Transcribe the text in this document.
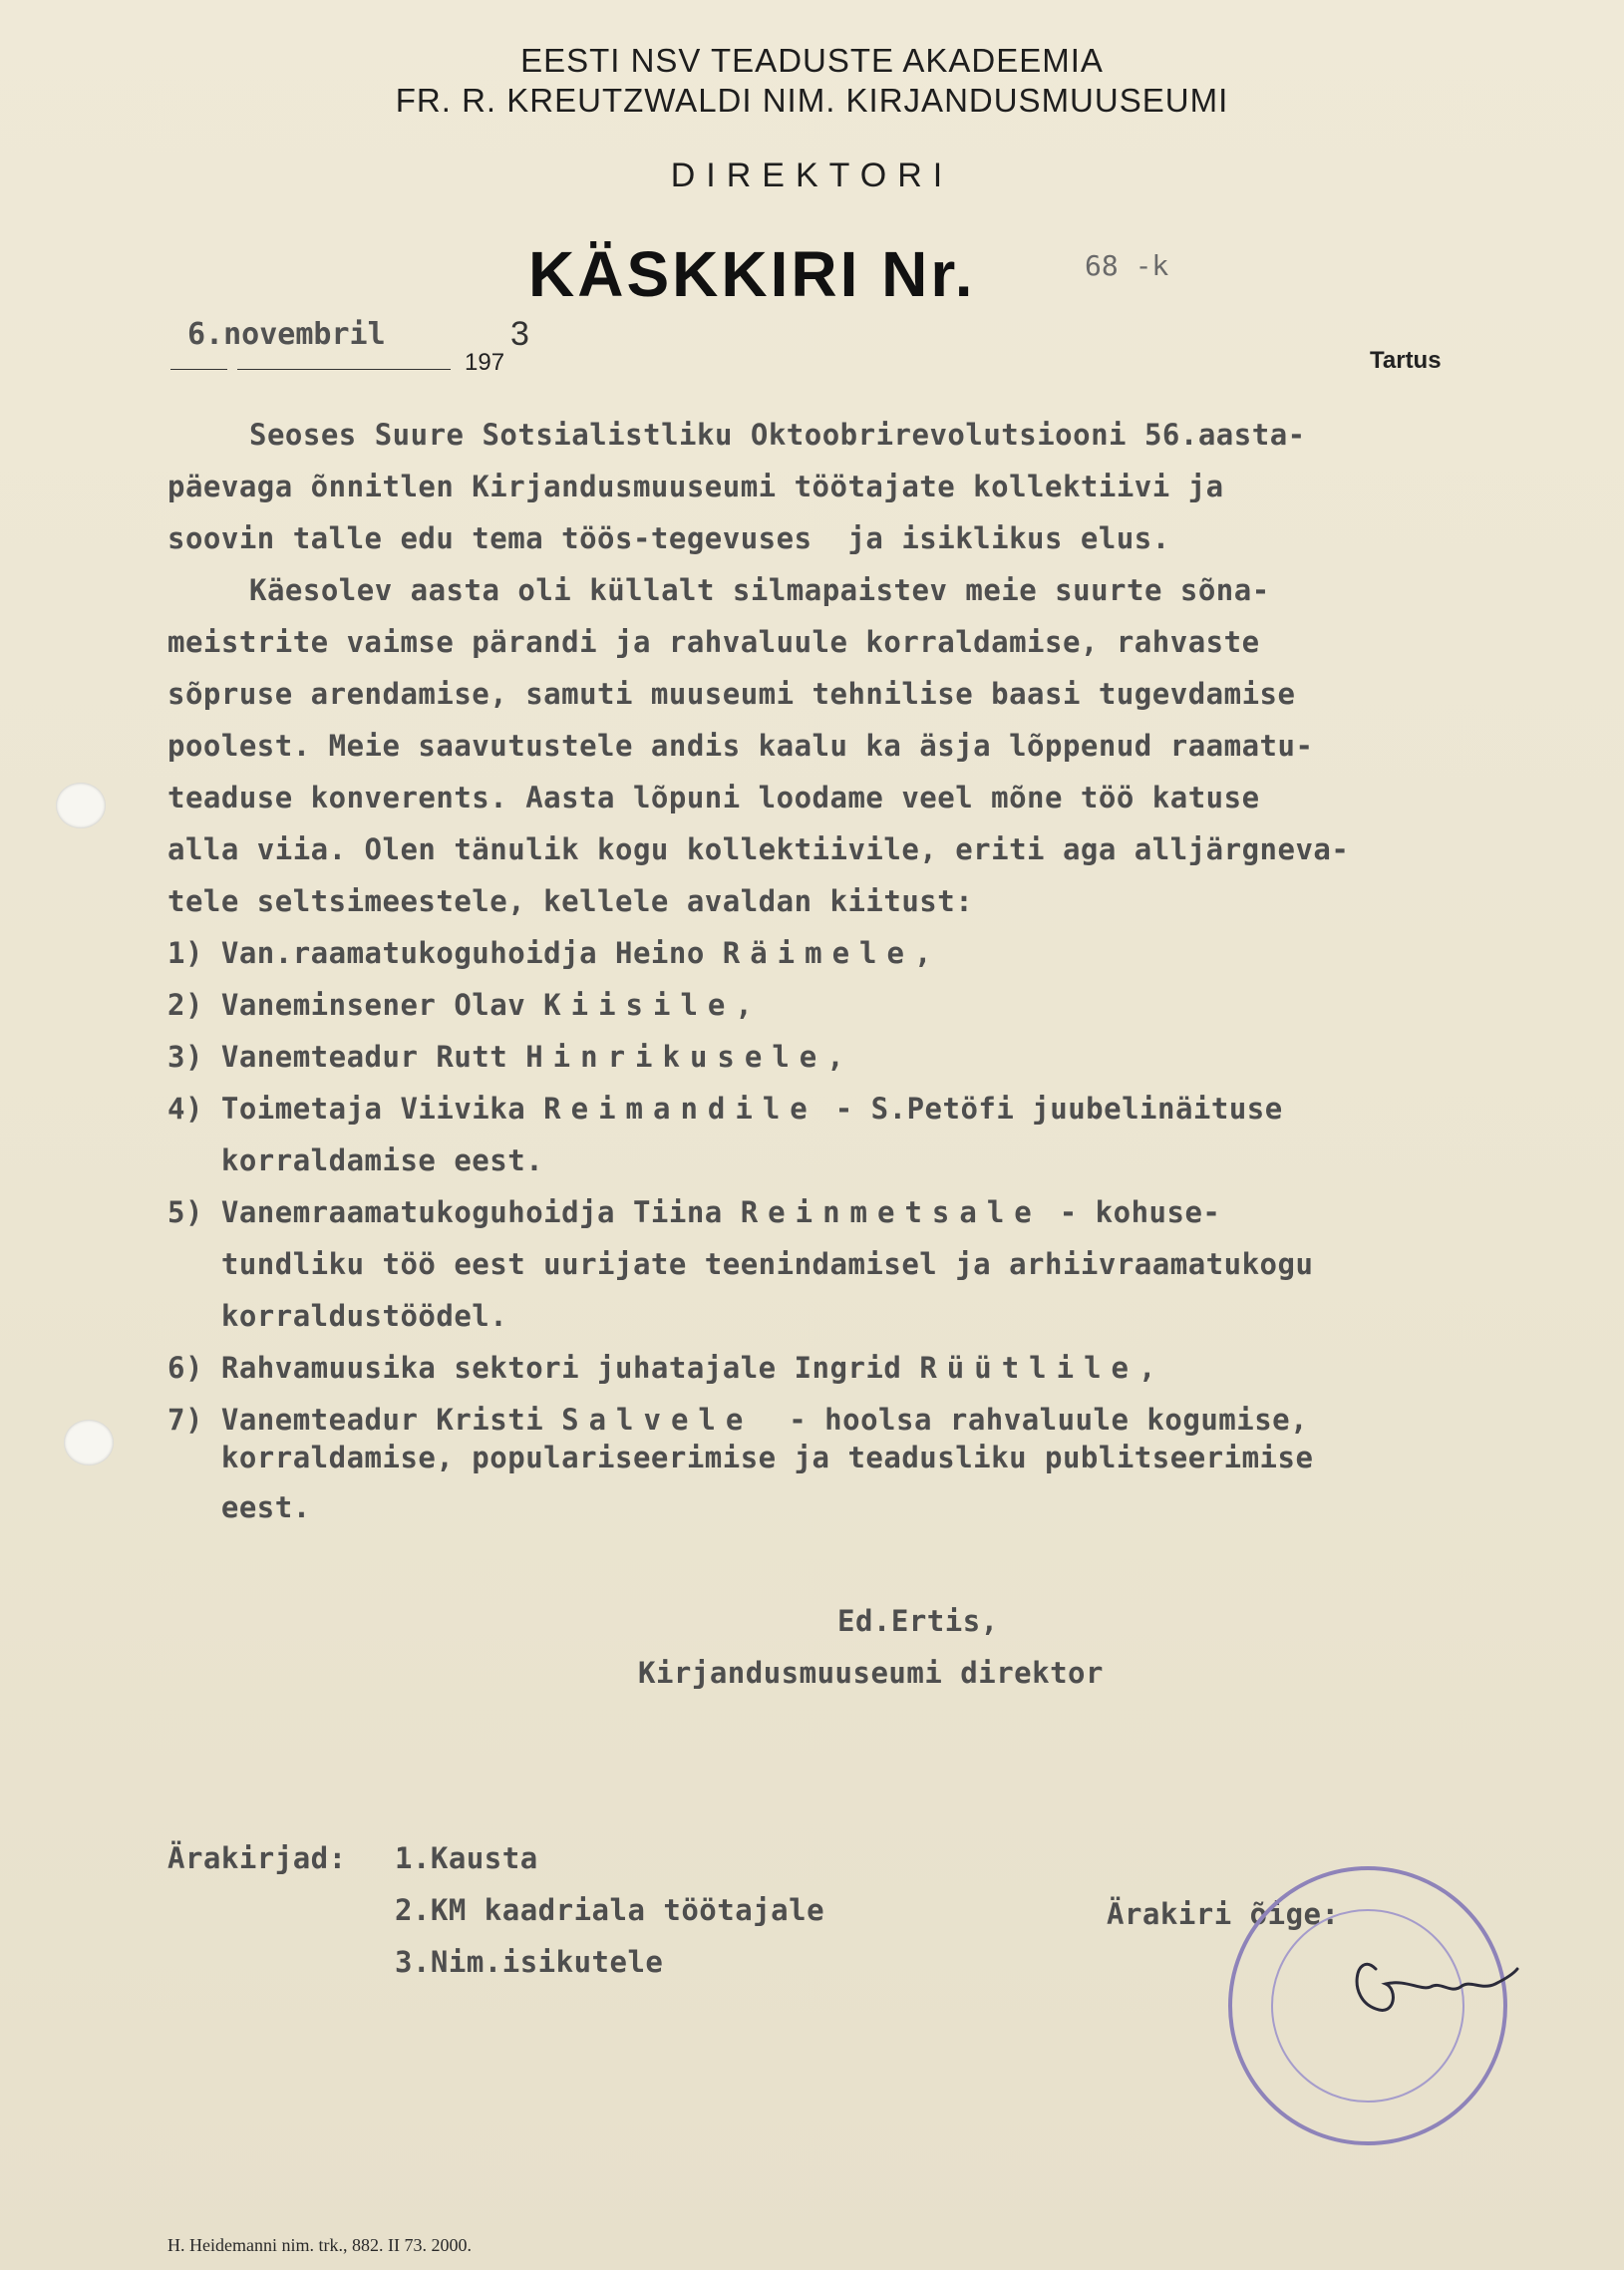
EESTI NSV TEADUSTE AKADEEMIA
FR. R. KREUTZWALDI NIM. KIRJANDUSMUUSEUMI
DIREKTORI
KÄSKKIRI Nr.	68 -k
6.novembril
197
3
Tartus
Seoses Suure Sotsialistliku Oktoobrirevolutsiooni 56.aasta-
päevaga õnnitlen Kirjandusmuuseumi töötajate kollektiivi ja
soovin talle edu tema töös-tegevuses  ja isiklikus elus.
Käesolev aasta oli küllalt silmapaistev meie suurte sõna-
meistrite vaimse pärandi ja rahvaluule korraldamise, rahvaste
sõpruse arendamise, samuti muuseumi tehnilise baasi tugevdamise
poolest. Meie saavutustele andis kaalu ka äsja lõppenud raamatu-
teaduse konverents. Aasta lõpuni loodame veel mõne töö katuse
alla viia. Olen tänulik kogu kollektiivile, eriti aga alljärgneva-
tele seltsimeestele, kellele avaldan kiitust:
1) Van.raamatukoguhoidja Heino Räimele,
2) Vaneminsener Olav Kiisile,
3) Vanemteadur Rutt Hinrikusele,
4) Toimetaja Viivika Reimandile - S.Petöfi juubelinäituse
korraldamise eest.
5) Vanemraamatukoguhoidja Tiina Reinmetsale - kohuse-
tundliku töö eest uurijate teenindamisel ja arhiivraamatukogu
korraldustöödel.
6) Rahvamuusika sektori juhatajale Ingrid Rüütlile,
7) Vanemteadur Kristi Salvele  - hoolsa rahvaluule kogumise,
korraldamise, populariseerimise ja teadusliku publitseerimise
eest.
Ed.Ertis,
Kirjandusmuuseumi direktor
Ärakirjad: 1.Kausta
2.KM kaadriala töötajale
3.Nim.isikutele
Ärakiri õige:
H. Heidemanni nim. trk., 882. II 73. 2000.
